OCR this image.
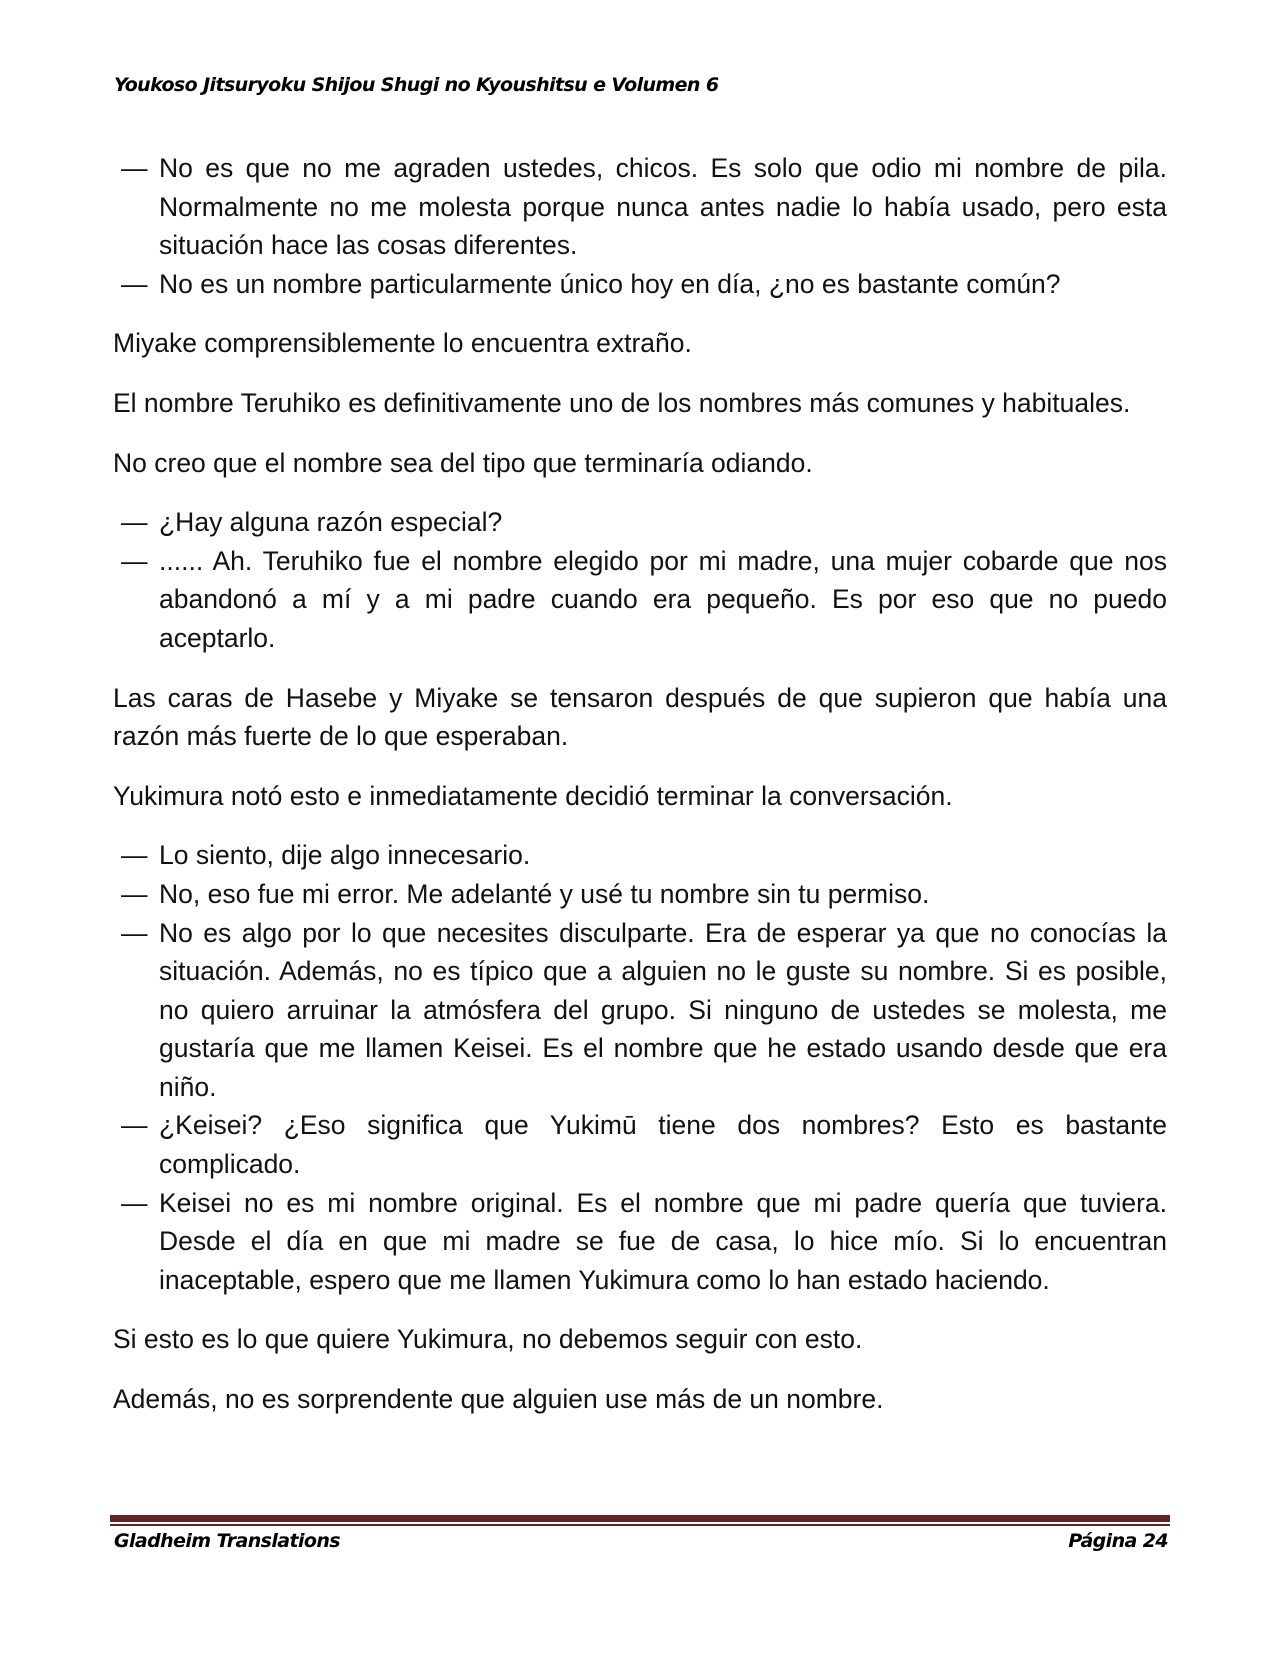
Youkoso Jitsuryoku Shijou Shugi no Kyoushitsu e Volumen 6
— No es que no me agraden ustedes, chicos. Es solo que odio mi nombre de pila. Normalmente no me molesta porque nunca antes nadie lo había usado, pero esta situación hace las cosas diferentes.
— No es un nombre particularmente único hoy en día, ¿no es bastante común?

Miyake comprensiblemente lo encuentra extraño.

El nombre Teruhiko es definitivamente uno de los nombres más comunes y habituales.

No creo que el nombre sea del tipo que terminaría odiando.

— ¿Hay alguna razón especial?
— ...... Ah. Teruhiko fue el nombre elegido por mi madre, una mujer cobarde que nos abandonó a mí y a mi padre cuando era pequeño. Es por eso que no puedo aceptarlo.

Las caras de Hasebe y Miyake se tensaron después de que supieron que había una razón más fuerte de lo que esperaban.

Yukimura notó esto e inmediatamente decidió terminar la conversación.

— Lo siento, dije algo innecesario.
— No, eso fue mi error. Me adelanté y usé tu nombre sin tu permiso.
— No es algo por lo que necesites disculparte. Era de esperar ya que no conocías la situación. Además, no es típico que a alguien no le guste su nombre. Si es posible, no quiero arruinar la atmósfera del grupo. Si ninguno de ustedes se molesta, me gustaría que me llamen Keisei. Es el nombre que he estado usando desde que era niño.
— ¿Keisei? ¿Eso significa que Yukimū tiene dos nombres? Esto es bastante complicado.
— Keisei no es mi nombre original. Es el nombre que mi padre quería que tuviera. Desde el día en que mi madre se fue de casa, lo hice mío. Si lo encuentran inaceptable, espero que me llamen Yukimura como lo han estado haciendo.

Si esto es lo que quiere Yukimura, no debemos seguir con esto.

Además, no es sorprendente que alguien use más de un nombre.

Gladheim Translations	Página 24
